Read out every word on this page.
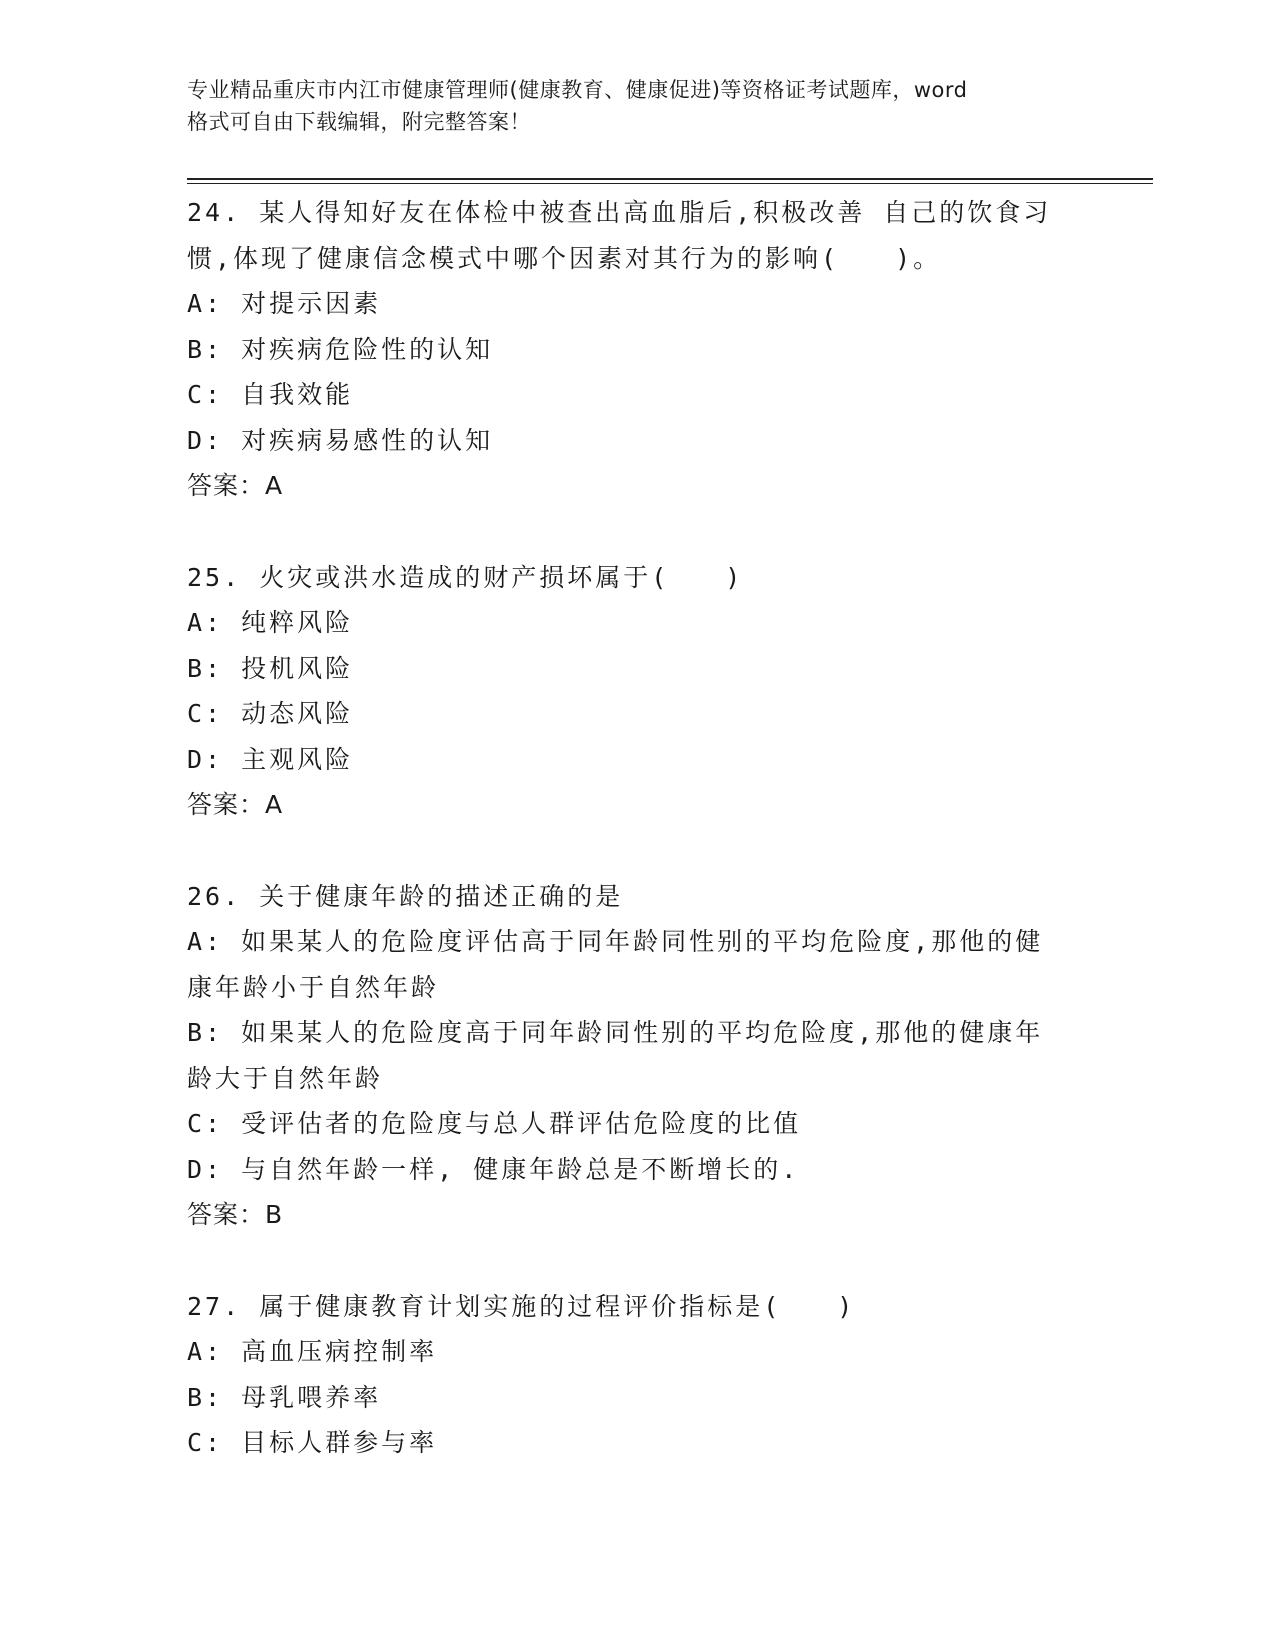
专业精品重庆市内江市健康管理师(健康教育、健康促进)等资格证考试题库，word
格式可自由下载编辑，附完整答案！
24. 某人得知好友在体检中被查出高血脂后,积极改善 自己的饮食习
惯,体现了健康信念模式中哪个因素对其行为的影响(　　)。
A: 对提示因素
B: 对疾病危险性的认知
C: 自我效能
D: 对疾病易感性的认知
答案：A
25. 火灾或洪水造成的财产损坏属于(　　)
A: 纯粹风险
B: 投机风险
C: 动态风险
D: 主观风险
答案：A
26. 关于健康年龄的描述正确的是
A: 如果某人的危险度评估高于同年龄同性别的平均危险度,那他的健
康年龄小于自然年龄
B: 如果某人的危险度高于同年龄同性别的平均危险度,那他的健康年
龄大于自然年龄
C: 受评估者的危险度与总人群评估危险度的比值
D: 与自然年龄一样, 健康年龄总是不断增长的.
答案：B
27. 属于健康教育计划实施的过程评价指标是(　　)
A: 高血压病控制率
B: 母乳喂养率
C: 目标人群参与率
